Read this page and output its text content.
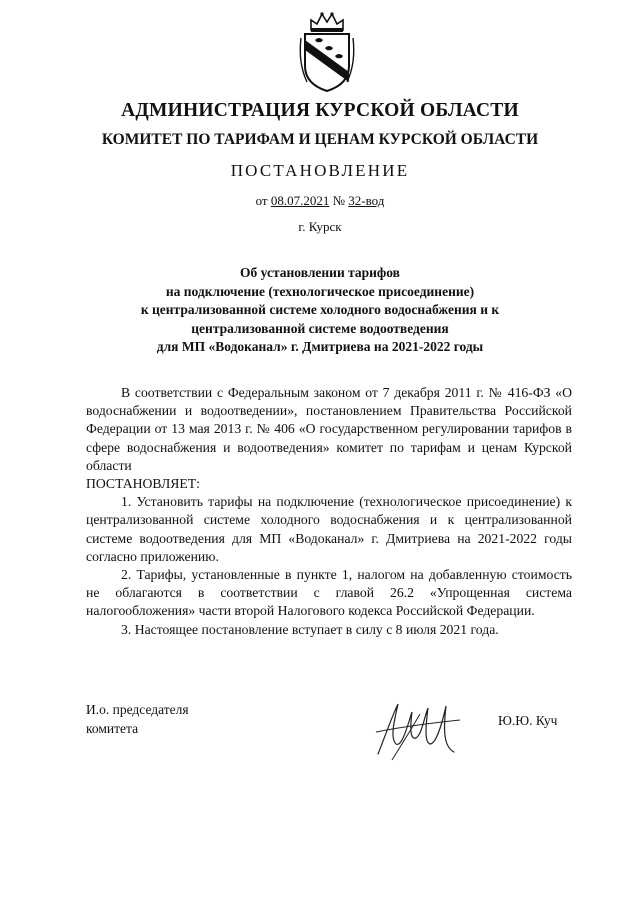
АДМИНИСТРАЦИЯ КУРСКОЙ ОБЛАСТИ
КОМИТЕТ ПО ТАРИФАМ И ЦЕНАМ КУРСКОЙ ОБЛАСТИ
ПОСТАНОВЛЕНИЕ
от 08.07.2021 № 32-вод
г. Курск
Об установлении тарифов
на подключение (технологическое присоединение)
к централизованной системе холодного водоснабжения и к
централизованной системе водоотведения
для МП «Водоканал» г. Дмитриева на 2021-2022 годы

В соответствии с Федеральным законом от 7 декабря 2011 г. № 416-ФЗ «О водоснабжении и водоотведении», постановлением Правительства Российской Федерации от 13 мая 2013 г. № 406 «О государственном регулировании тарифов в сфере водоснабжения и водоотведения» комитет по тарифам и ценам Курской области

ПОСТАНОВЛЯЕТ:

1. Установить тарифы на подключение (технологическое присоединение) к централизованной системе холодного водоснабжения и к централизованной системе водоотведения для МП «Водоканал» г. Дмитриева на 2021-2022 годы согласно приложению.

2. Тарифы, установленные в пункте 1, налогом на добавленную стоимость не облагаются в соответствии с главой 26.2 «Упрощенная система налогообложения» части второй Налогового кодекса Российской Федерации.

3. Настоящее постановление вступает в силу с 8 июля 2021 года.

И.о. председателя
комитета	Ю.Ю. Куч
